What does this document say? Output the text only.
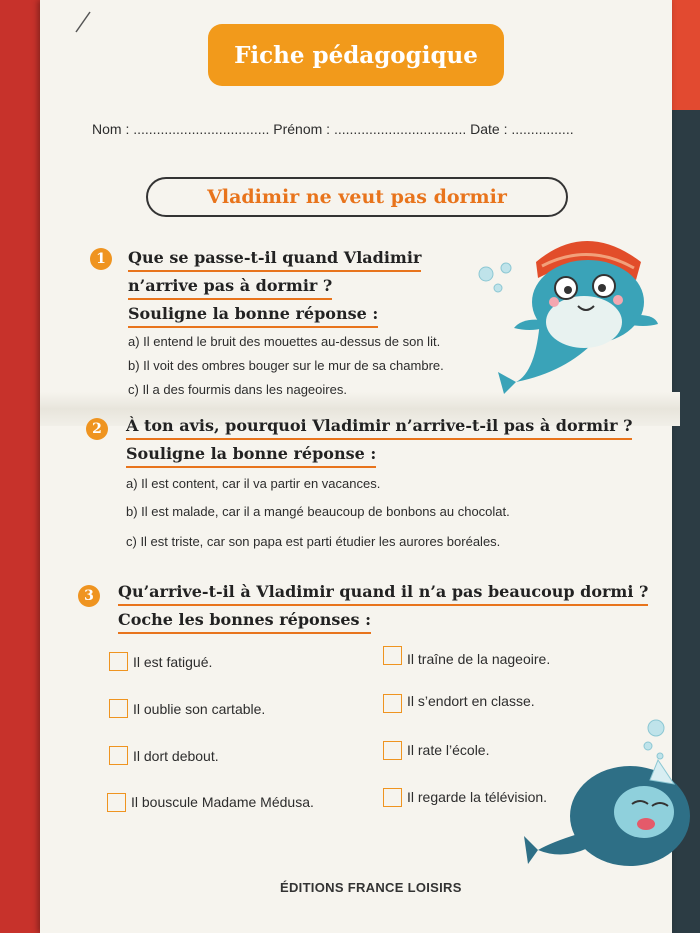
Fiche pédagogique
Nom : ................................... Prénom : .................................. Date : ................
Vladimir ne veut pas dormir
1	Que se passe-t-il quand Vladimir
n’arrive pas à dormir ?
Souligne la bonne réponse :
a) Il entend le bruit des mouettes au-dessus de son lit.
b) Il voit des ombres bouger sur le mur de sa chambre.
c) Il a des fourmis dans les nageoires.
2	À ton avis, pourquoi Vladimir n’arrive-t-il pas à dormir ?
Souligne la bonne réponse :
a) Il est content, car il va partir en vacances.
b) Il est malade, car il a mangé beaucoup de bonbons au chocolat.
c) Il est triste, car son papa est parti étudier les aurores boréales.
3	Qu’arrive-t-il à Vladimir quand il n’a pas beaucoup dormi ?
Coche les bonnes réponses :
Il est fatigué.
Il oublie son cartable.
Il dort debout.
Il bouscule Madame Médusa.
Il traîne de la nageoire.
Il s’endort en classe.
Il rate l’école.
Il regarde la télévision.
ÉDITIONS FRANCE LOISIRS
